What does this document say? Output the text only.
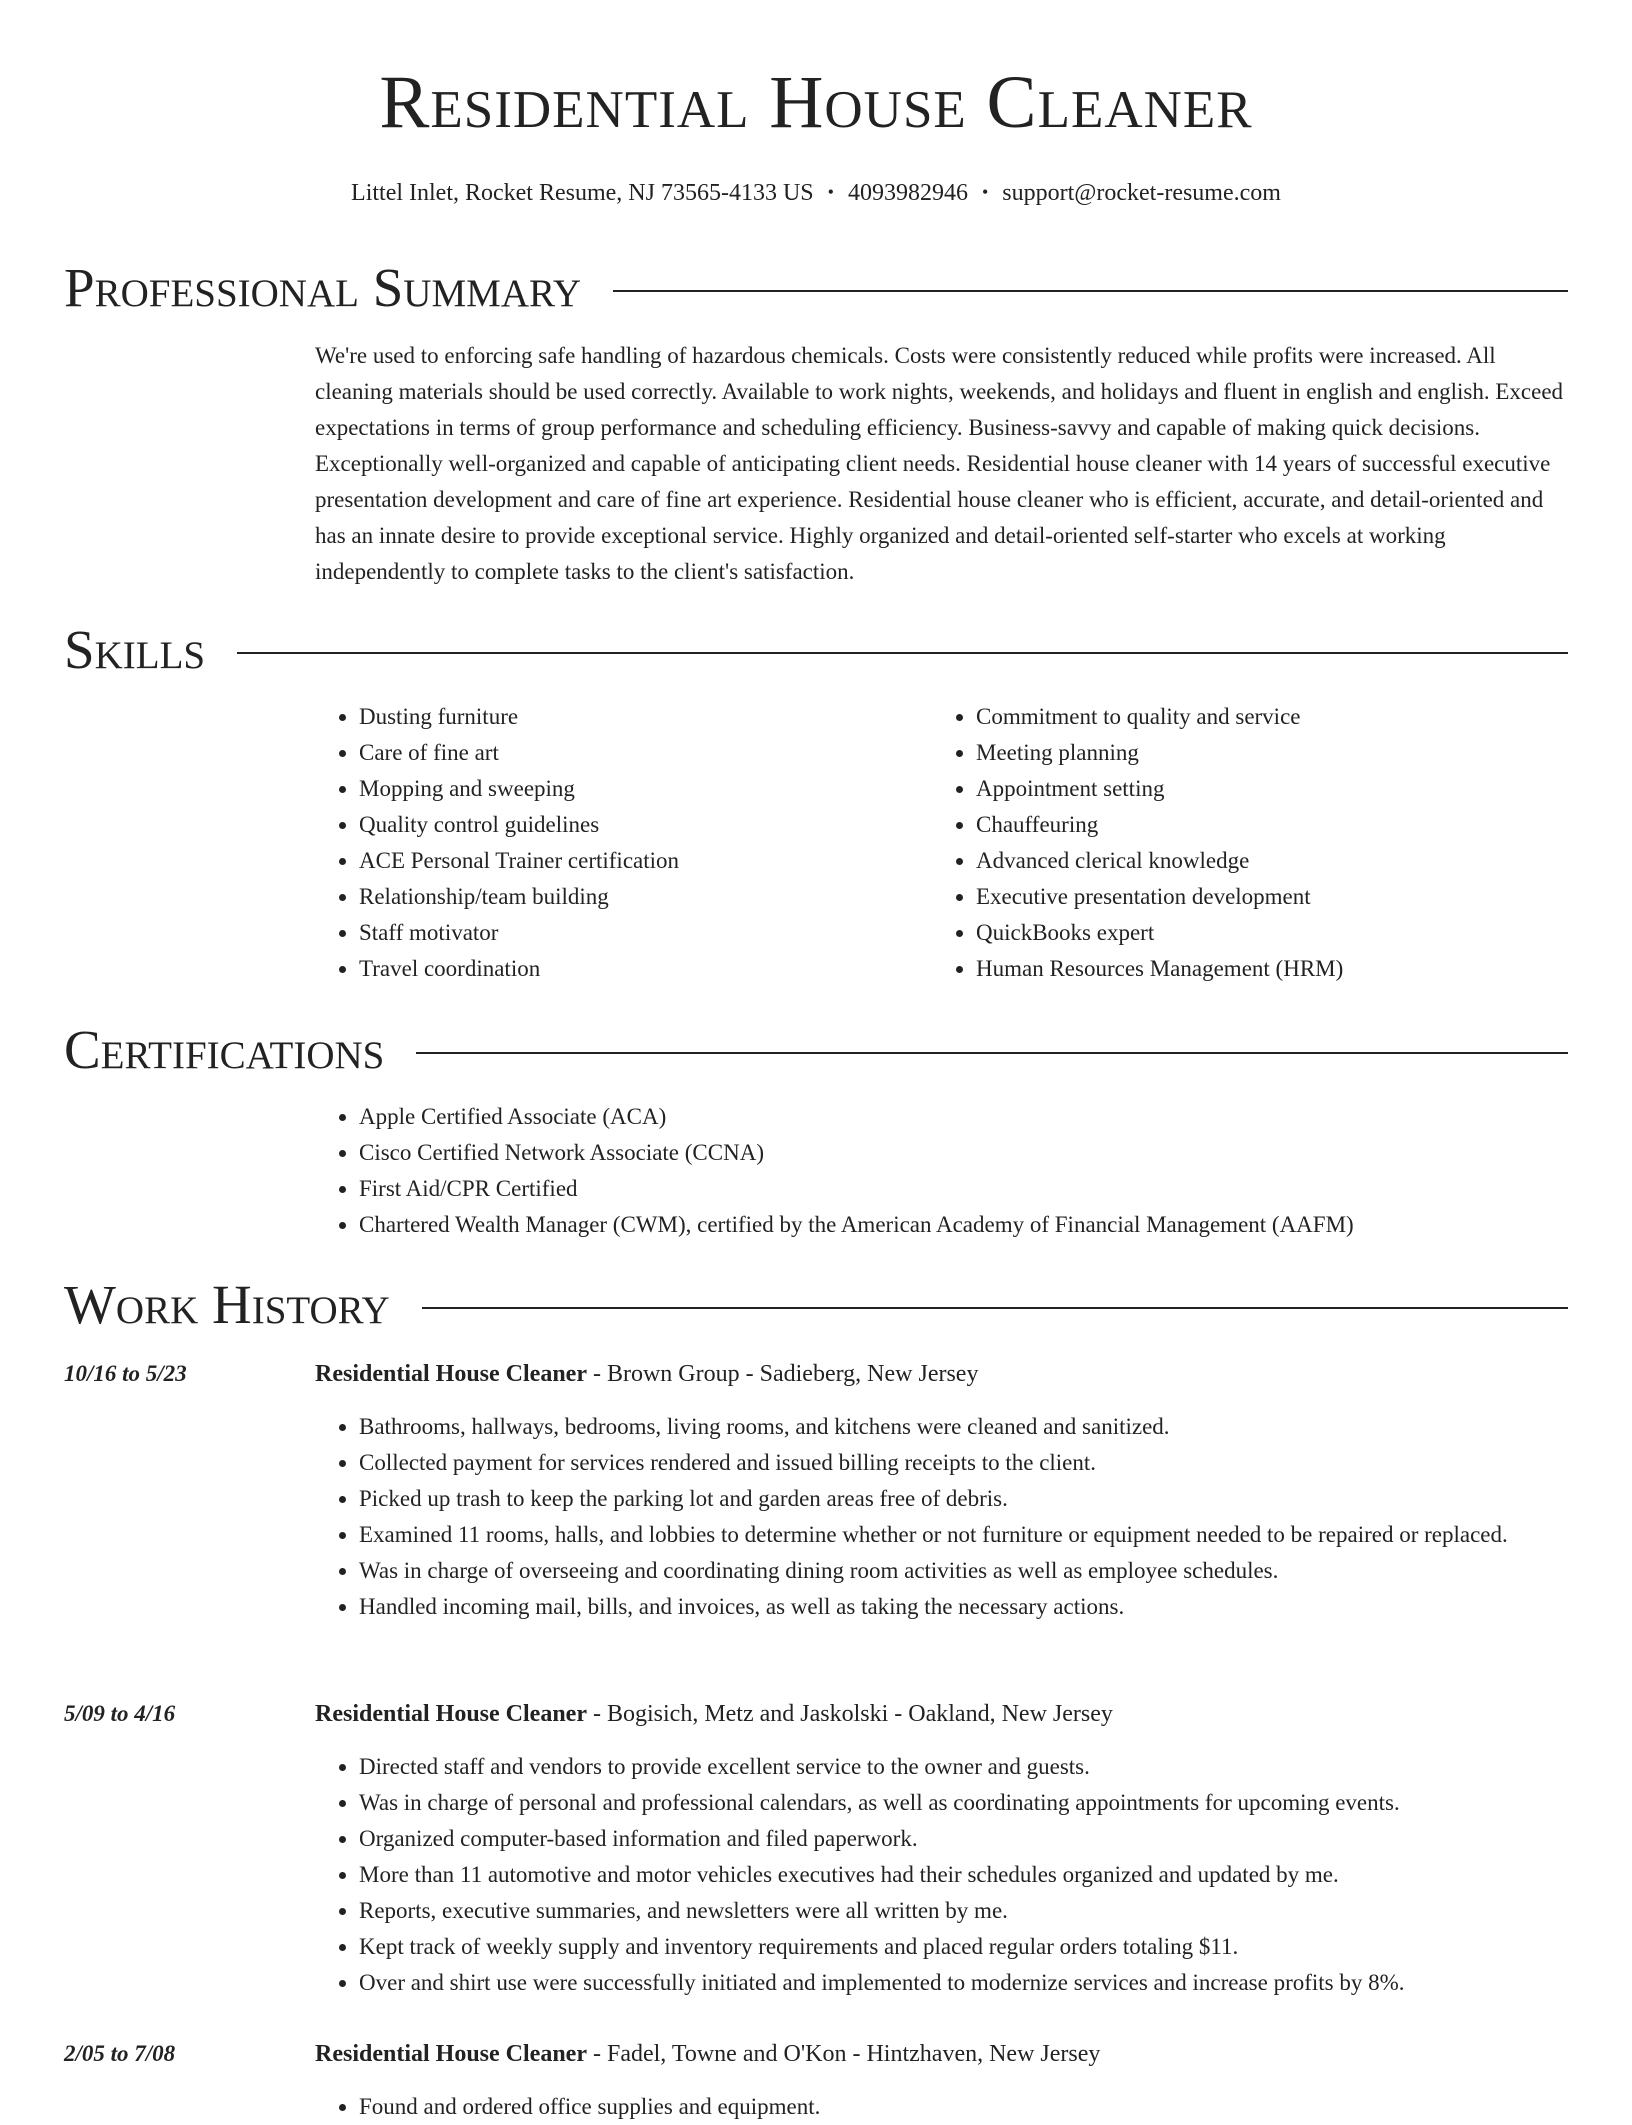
Residential House Cleaner
Littel Inlet, Rocket Resume, NJ 73565-4133 US • 4093982946 • support@rocket-resume.com
Professional Summary

We're used to enforcing safe handling of hazardous chemicals. Costs were consistently reduced while profits were increased. All cleaning materials should be used correctly. Available to work nights, weekends, and holidays and fluent in english and english. Exceed expectations in terms of group performance and scheduling efficiency. Business-savvy and capable of making quick decisions. Exceptionally well-organized and capable of anticipating client needs. Residential house cleaner with 14 years of successful executive presentation development and care of fine art experience. Residential house cleaner who is efficient, accurate, and detail-oriented and has an innate desire to provide exceptional service. Highly organized and detail-oriented self-starter who excels at working independently to complete tasks to the client's satisfaction.

Skills
• Dusting furniture
• Care of fine art
• Mopping and sweeping
• Quality control guidelines
• ACE Personal Trainer certification
• Relationship/team building
• Staff motivator
• Travel coordination
• Commitment to quality and service
• Meeting planning
• Appointment setting
• Chauffeuring
• Advanced clerical knowledge
• Executive presentation development
• QuickBooks expert
• Human Resources Management (HRM)
Certifications
• Apple Certified Associate (ACA)
• Cisco Certified Network Associate (CCNA)
• First Aid/CPR Certified
• Chartered Wealth Manager (CWM), certified by the American Academy of Financial Management (AAFM)
Work History
10/16 to 5/23	Residential House Cleaner - Brown Group - Sadieberg, New Jersey
• Bathrooms, hallways, bedrooms, living rooms, and kitchens were cleaned and sanitized.
• Collected payment for services rendered and issued billing receipts to the client.
• Picked up trash to keep the parking lot and garden areas free of debris.
• Examined 11 rooms, halls, and lobbies to determine whether or not furniture or equipment needed to be repaired or replaced.
• Was in charge of overseeing and coordinating dining room activities as well as employee schedules.
• Handled incoming mail, bills, and invoices, as well as taking the necessary actions.
5/09 to 4/16	Residential House Cleaner - Bogisich, Metz and Jaskolski - Oakland, New Jersey
• Directed staff and vendors to provide excellent service to the owner and guests.
• Was in charge of personal and professional calendars, as well as coordinating appointments for upcoming events.
• Organized computer-based information and filed paperwork.
• More than 11 automotive and motor vehicles executives had their schedules organized and updated by me.
• Reports, executive summaries, and newsletters were all written by me.
• Kept track of weekly supply and inventory requirements and placed regular orders totaling $11.
• Over and shirt use were successfully initiated and implemented to modernize services and increase profits by 8%.
2/05 to 7/08	Residential House Cleaner - Fadel, Towne and O'Kon - Hintzhaven, New Jersey
• Found and ordered office supplies and equipment.
